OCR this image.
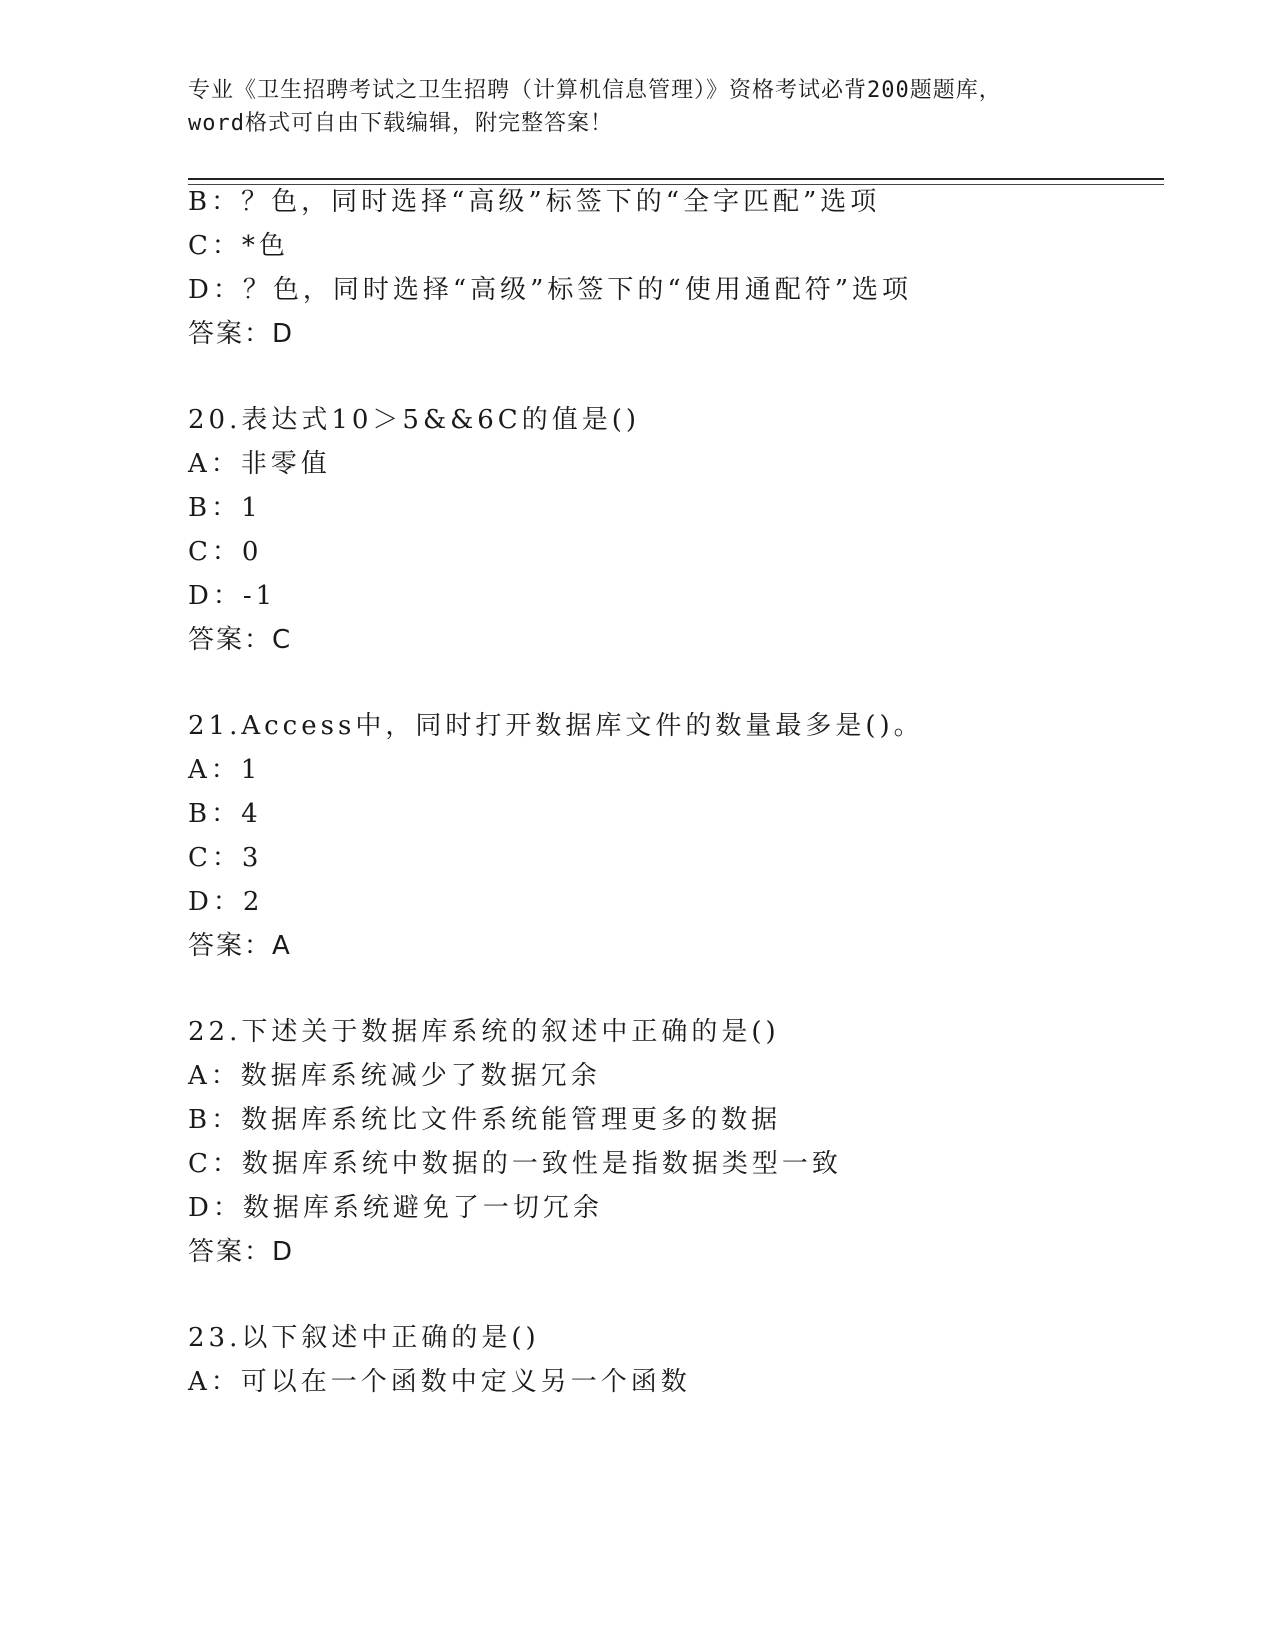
专业《卫生招聘考试之卫生招聘（计算机信息管理）》资格考试必背200题题库，
word格式可自由下载编辑，附完整答案！
B：？色，同时选择“高级”标签下的“全字匹配”选项
C：*色
D：？色，同时选择“高级”标签下的“使用通配符”选项
答案：D
20.表达式10＞5&&6C的值是()
A：非零值
B：1
C：0
D：-1
答案：C
21.Access中，同时打开数据库文件的数量最多是()。
A：1
B：4
C：3
D：2
答案：A
22.下述关于数据库系统的叙述中正确的是()
A：数据库系统减少了数据冗余
B：数据库系统比文件系统能管理更多的数据
C：数据库系统中数据的一致性是指数据类型一致
D：数据库系统避免了一切冗余
答案：D
23.以下叙述中正确的是()
A：可以在一个函数中定义另一个函数
